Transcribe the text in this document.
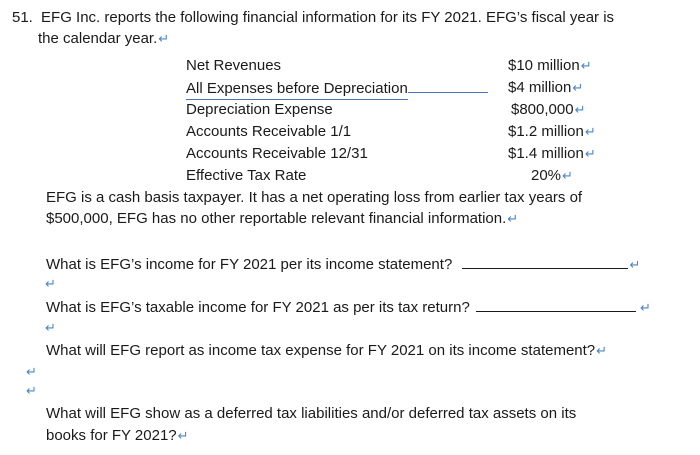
51. EFG Inc. reports the following financial information for its FY 2021. EFG’s fiscal year is
the calendar year.↵
Net Revenues	$10 million↵
All Expenses before Depreciation	$4 million↵
Depreciation Expense	$800,000↵
Accounts Receivable 1/1	$1.2 million↵
Accounts Receivable 12/31	$1.4 million↵
Effective Tax Rate	20%↵
EFG is a cash basis taxpayer. It has a net operating loss from earlier tax years of
$500,000, EFG has no other reportable relevant financial information.↵
What is EFG’s income for FY 2021 per its income statement?	↵
↵
What is EFG’s taxable income for FY 2021 as per its tax return?	↵
↵
What will EFG report as income tax expense for FY 2021 on its income statement?↵
↵
↵
What will EFG show as a deferred tax liabilities and/or deferred tax assets on its
books for FY 2021?↵
